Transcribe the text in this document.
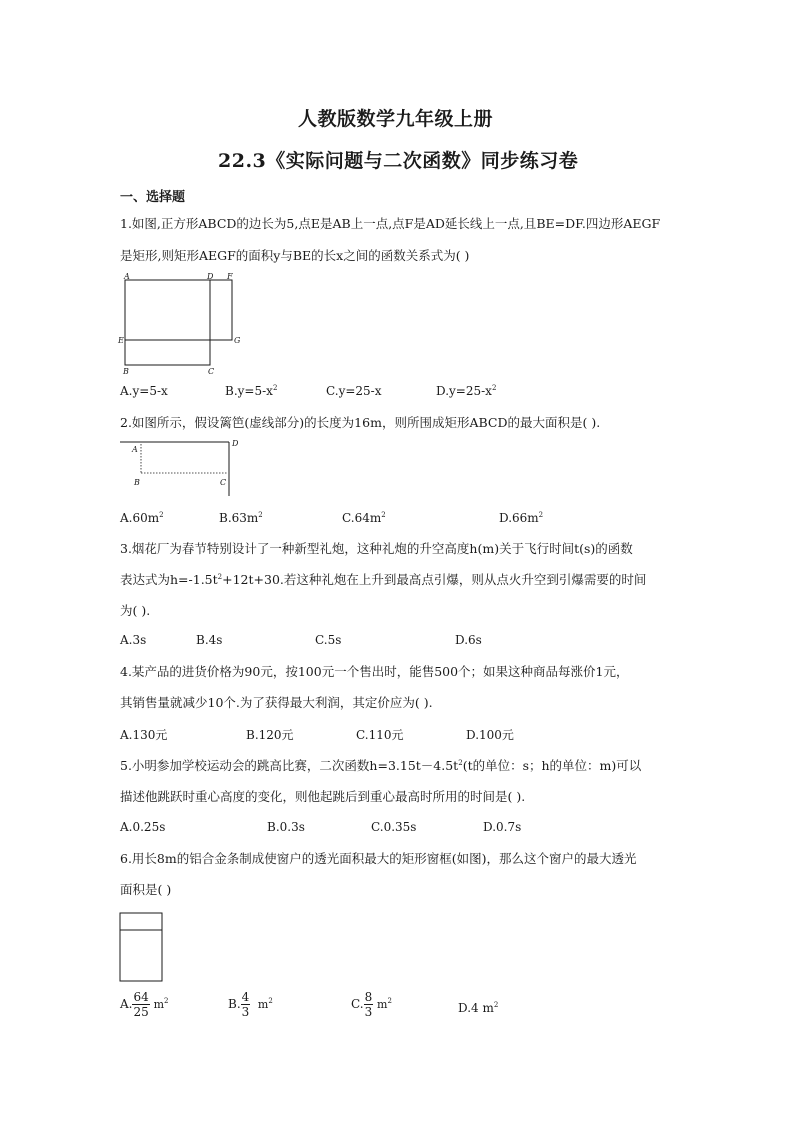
人教版数学九年级上册
22.3《实际问题与二次函数》同步练习卷
一、选择题
1.如图,正方形ABCD的边长为5,点E是AB上一点,点F是AD延长线上一点,且BE=DF.四边形AEGF
是矩形,则矩形AEGF的面积y与BE的长x之间的函数关系式为( )
A	D F
E	G
B	C
A.y=5-x	$B.y=5-x^2$	C.y=25-x	$D.y=25-x^2$
2.如图所示，假设篱笆(虚线部分)的长度为16m，则所围成矩形ABCD的最大面积是( ).
A
D
B	C
$A.60m^2$	$B.63m^2$	$C.64m^2$	$D.66m^2$
3.烟花厂为春节特别设计了一种新型礼炮，这种礼炮的升空高度h(m)关于飞行时间t(s)的函数
表达式为$h=-1.5t^2+12t+30$.若这种礼炮在上升到最高点引爆，则从点火升空到引爆需要的时间
为( ).
A.3s	B.4s	C.5s	D.6s
4.某产品的进货价格为90元，按100元一个售出时，能售500个；如果这种商品每涨价1元，
其销售量就减少10个.为了获得最大利润，其定价应为( ).
A.130元	B.120元	C.110元	D.100元
5.小明参加学校运动会的跳高比赛，二次函数$h=3.15t-4.5t^2(t$的单位：s；h的单位：m)可以
描述他跳跃时重心高度的变化，则他起跳后到重心最高时所用的时间是( ).
A.0.25s	B.0.3s	C.0.35s	D.0.7s
6.用长8m的铝合金条制成使窗户的透光面积最大的矩形窗框(如图)，那么这个窗户的最大透光
面积是( )
A. $\frac{64}{25} m^2$	B. $\frac{4}{3} m^2$	C. $\frac{8}{3} m^2$	D.4 $m^2$
